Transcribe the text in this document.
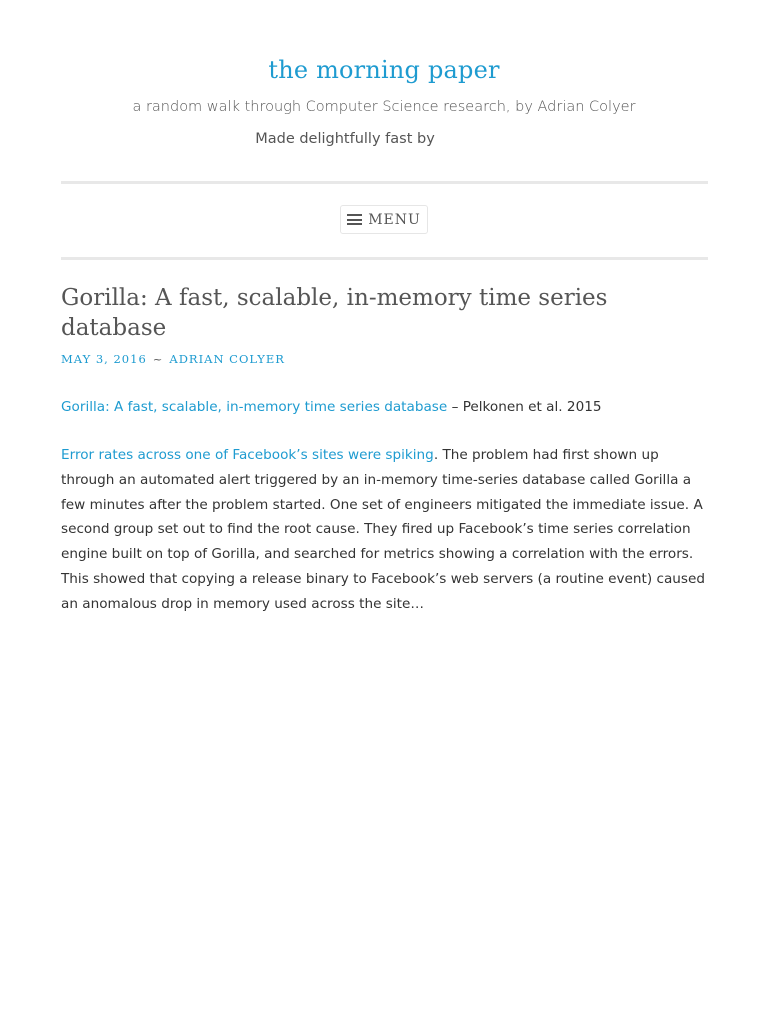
the morning paper
a random walk through Computer Science research, by Adrian Colyer
Made delightfully fast by
MENU
Gorilla: A fast, scalable, in-memory time series database
MAY 3, 2016 ~ ADRIAN COLYER
Gorilla: A fast, scalable, in-memory time series database – Pelkonen et al. 2015
Error rates across one of Facebook’s sites were spiking. The problem had first shown up through an automated alert triggered by an in-memory time-series database called Gorilla a few minutes after the problem started. One set of engineers mitigated the immediate issue. A second group set out to find the root cause. They fired up Facebook’s time series correlation engine built on top of Gorilla, and searched for metrics showing a correlation with the errors. This showed that copying a release binary to Facebook’s web servers (a routine event) caused an anomalous drop in memory used across the site…
